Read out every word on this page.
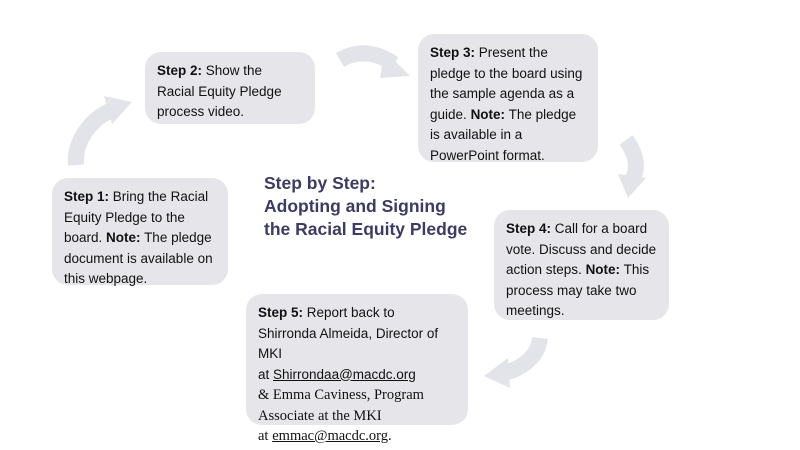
Step 1: Bring the Racial Equity Pledge to the board. Note: The pledge document is available on this webpage.
Step 2: Show the Racial Equity Pledge process video.
Step 3: Present the pledge to the board using the sample agenda as a guide. Note: The pledge is available in a PowerPoint format.
Step 4: Call for a board vote. Discuss and decide action steps. Note: This process may take two meetings.
Step 5: Report back to Shirronda Almeida, Director of MKI
at Shirrondaa@macdc.org
& Emma Caviness, Program Associate at the MKI
at emmac@macdc.org.
Step by Step:
Adopting and Signing
the Racial Equity Pledge
